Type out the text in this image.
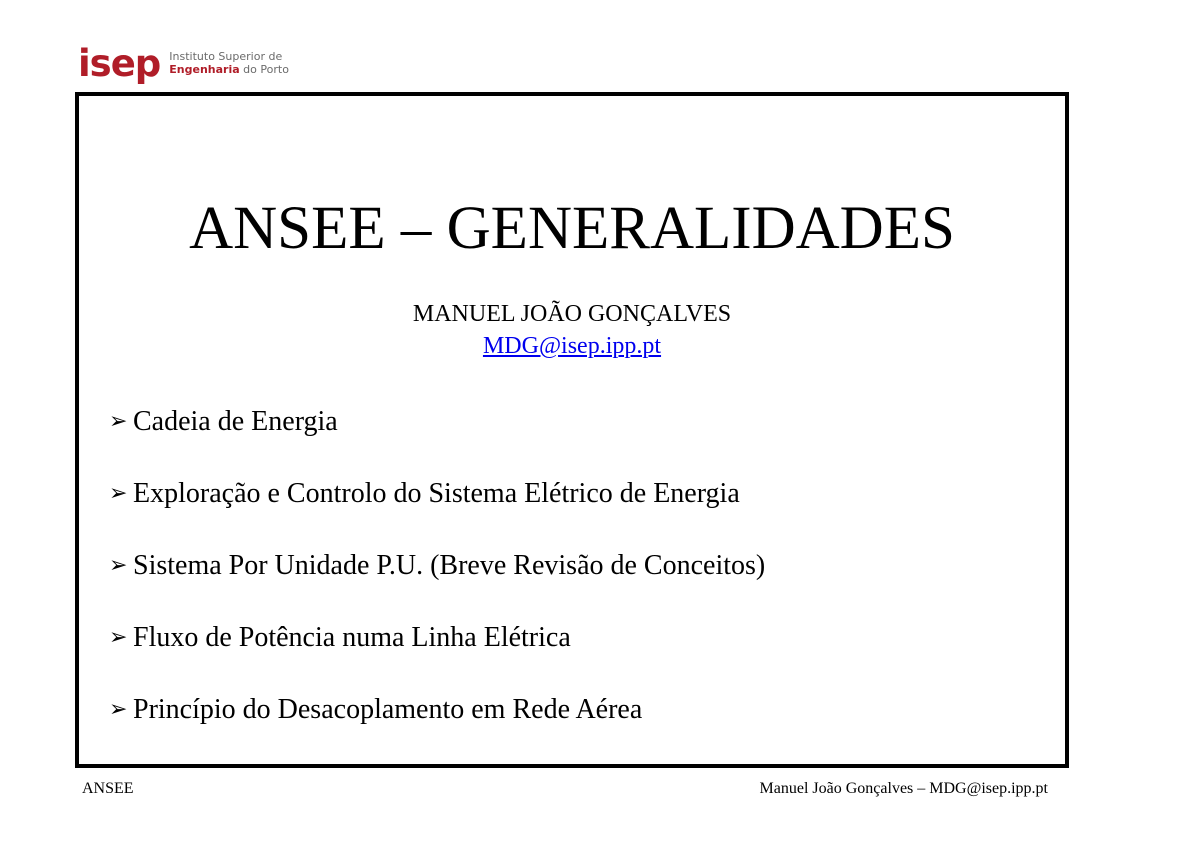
isep Instituto Superior de
Engenharia do Porto
ANSEE – GENERALIDADES
MANUEL JOÃO GONÇALVES
MDG@isep.ipp.pt
➢ Cadeia de Energia
➢ Exploração e Controlo do Sistema Elétrico de Energia
➢ Sistema Por Unidade P.U. (Breve Revisão de Conceitos)
➢ Fluxo de Potência numa Linha Elétrica
➢ Princípio do Desacoplamento em Rede Aérea
ANSEE	Manuel João Gonçalves – MDG@isep.ipp.pt
